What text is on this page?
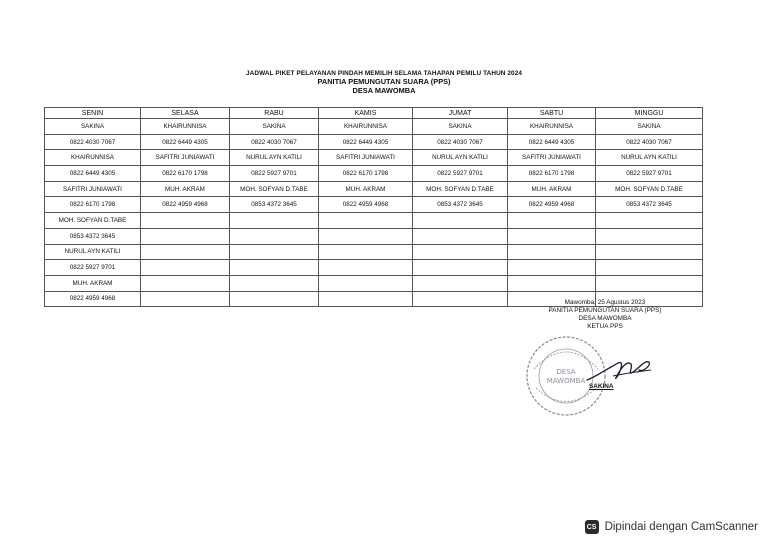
JADWAL PIKET PELAYANAN PINDAH MEMILIH SELAMA TAHAPAN PEMILU TAHUN 2024
PANITIA PEMUNGUTAN SUARA (PPS)
DESA MAWOMBA
SENIN	SELASA	RABU	KAMIS	JUMAT	SABTU	MINGGU
SAKINA	KHAIRUNNISA	SAKINA	KHAIRUNNISA	SAKINA	KHAIRUNNISA	SAKINA
0822 4030 7067	0822 6449 4305	0822 4030 7067	0822 6449 4305	0822 4030 7067	0822 6449 4305	0822 4030 7067
KHAIRUNNISA	SAFITRI JUNIAWATI	NURUL AYN KATILI	SAFITRI JUNIAWATI	NURUL AYN KATILI	SAFITRI JUNIAWATI	NURUL AYN KATILI
0822 6449 4305	0822 6170 1798	0822 5927 9701	0822 6170 1798	0822 5927 9701	0822 6170 1798	0822 5927 9701
SAFITRI JUNIAWATI	MUH. AKRAM	MOH. SOFYAN D.TABE	MUH. AKRAM	MOH. SOFYAN D.TABE	MUH. AKRAM	MOH. SOFYAN D.TABE
0822 6170 1798	0822 4959 4968	0853 4372 3645	0822 4959 4968	0853 4372 3645	0822 4959 4968	0853 4372 3645
MOH. SOFYAN D.TABE						
0853 4372 3645						
NURUL AYN KATILI						
0822 5927 9701						
MUH. AKRAM						
0822 4959 4968						
Mawomba, 25 Agustus 2023
PANITIA PEMUNGUTAN SUARA (PPS)
DESA MAWOMBA
KETUA PPS
DESA
MAWOMBA
SAKINA
CS Dipindai dengan CamScanner
